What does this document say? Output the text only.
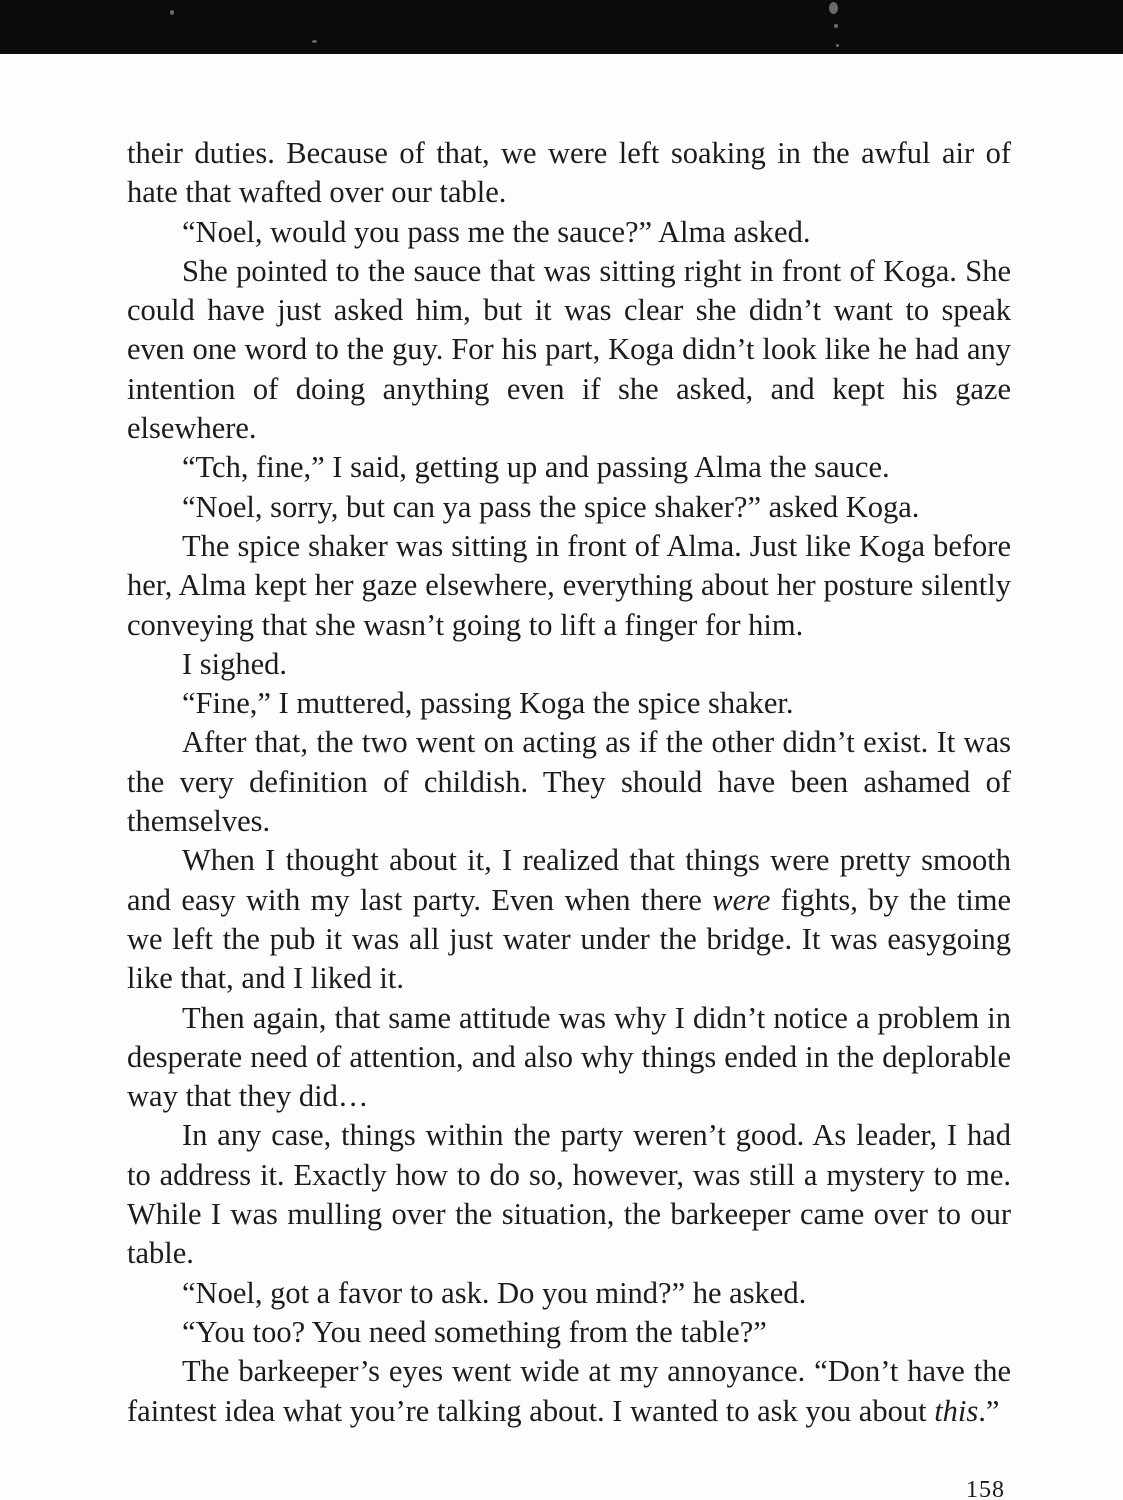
their duties. Because of that, we were left soaking in the awful air of hate that wafted over our table.

“Noel, would you pass me the sauce?” Alma asked.

She pointed to the sauce that was sitting right in front of Koga. She could have just asked him, but it was clear she didn’t want to speak even one word to the guy. For his part, Koga didn’t look like he had any intention of doing anything even if she asked, and kept his gaze elsewhere.

“Tch, fine,” I said, getting up and passing Alma the sauce.

“Noel, sorry, but can ya pass the spice shaker?” asked Koga.

The spice shaker was sitting in front of Alma. Just like Koga before her, Alma kept her gaze elsewhere, everything about her posture silently conveying that she wasn’t going to lift a finger for him.

I sighed.

“Fine,” I muttered, passing Koga the spice shaker.

After that, the two went on acting as if the other didn’t exist. It was the very definition of childish. They should have been ashamed of themselves.

When I thought about it, I realized that things were pretty smooth and easy with my last party. Even when there were fights, by the time we left the pub it was all just water under the bridge. It was easygoing like that, and I liked it.

Then again, that same attitude was why I didn’t notice a problem in desperate need of attention, and also why things ended in the deplorable way that they did…

In any case, things within the party weren’t good. As leader, I had to address it. Exactly how to do so, however, was still a mystery to me. While I was mulling over the situation, the barkeeper came over to our table.

“Noel, got a favor to ask. Do you mind?” he asked.

“You too? You need something from the table?”

The barkeeper’s eyes went wide at my annoyance. “Don’t have the faintest idea what you’re talking about. I wanted to ask you about this.”

158
